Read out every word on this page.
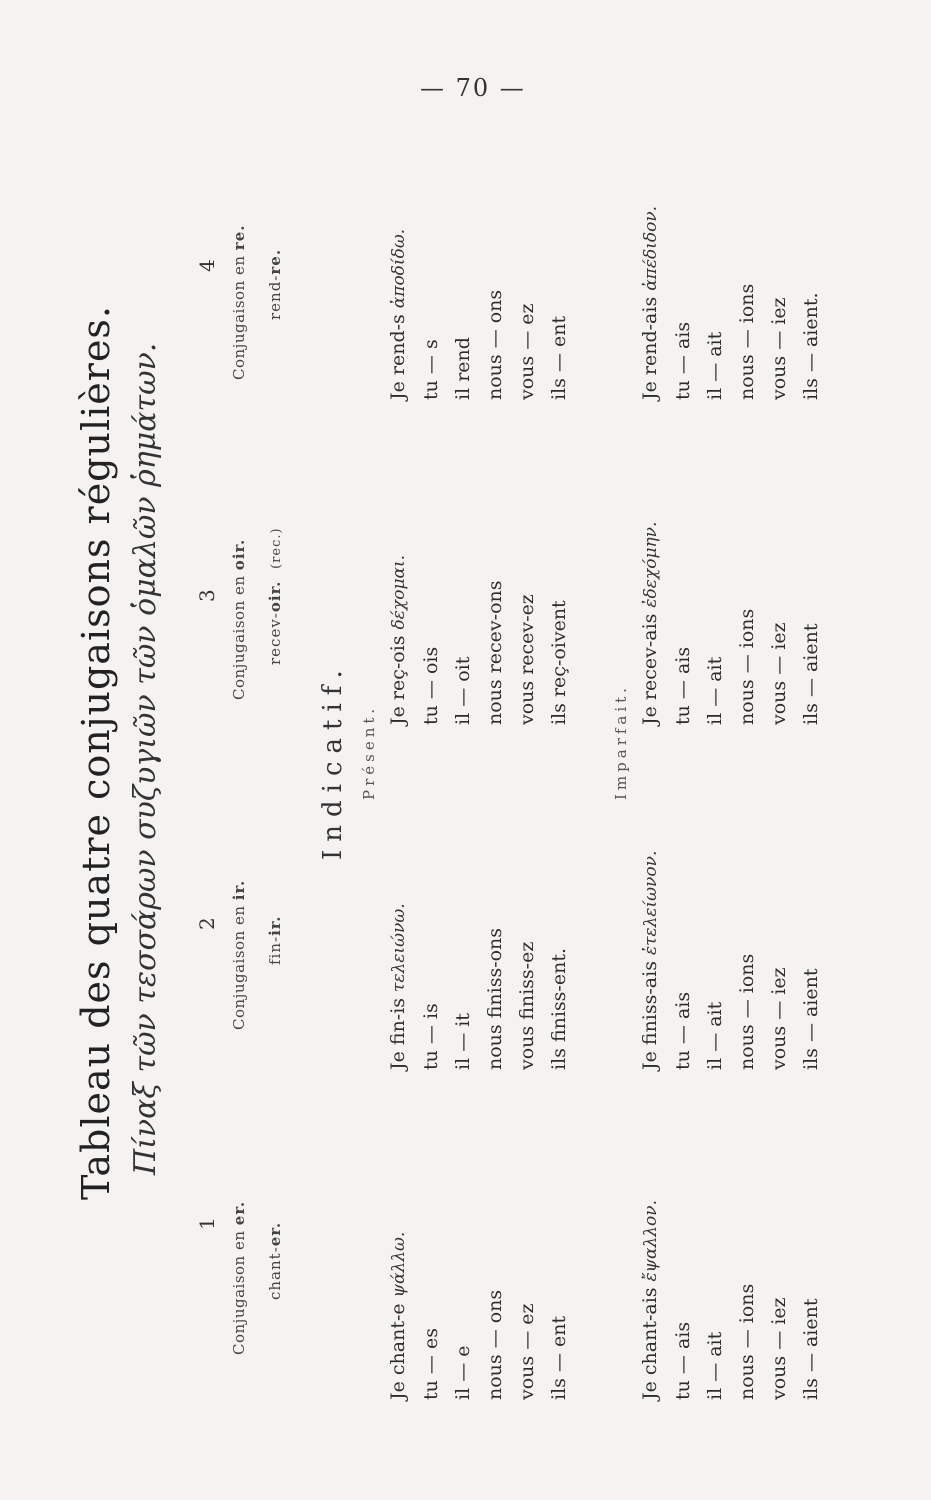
— 70 —
Tableau des quatre conjugaisons régulières. Πίναξ τῶν τεσσάρων συζυγιῶν τῶν ὁμαλῶν ῥημάτων.
1
Conjugaison en er.
chant-er.
2 Conjugaison en ir.
fin-ir.
3 Conjugaison en oir.
recev-oir. (rec.)
4 Conjugaison en re.
rend-re.
Indicatif. Présent.
Je chant-eψάλλω.
tu — es il — e nous — ons vous — ez ils — ent
Je fin-isτελειώνω.
tu — is il — it nous finiss-ons vous finiss-ez ils finiss-ent.
Je reç-oisδέχομαι.
tu — ois il — oit nous recev-ons vous recev-ez ils reç-oivent
Je rend-sἀποδίδω.
tu — s il rend nous — ons vous — ez ils — ent
Imparfait.
Je chant-aisἔψαλλον.
tu — ais il — ait nous — ions vous — iez ils — aient
Je finiss-aisἐτελείωνον.
tu — ais il — ait nous — ions vous — iez ils — aient
Je recev-aisἐδεχόμην.
tu — ais il — ait nous — ions vous — iez ils — aient
Je rend-aisἀπέδιδον.
tu — ais il — ait nous — ions vous — iez ils — aient.
